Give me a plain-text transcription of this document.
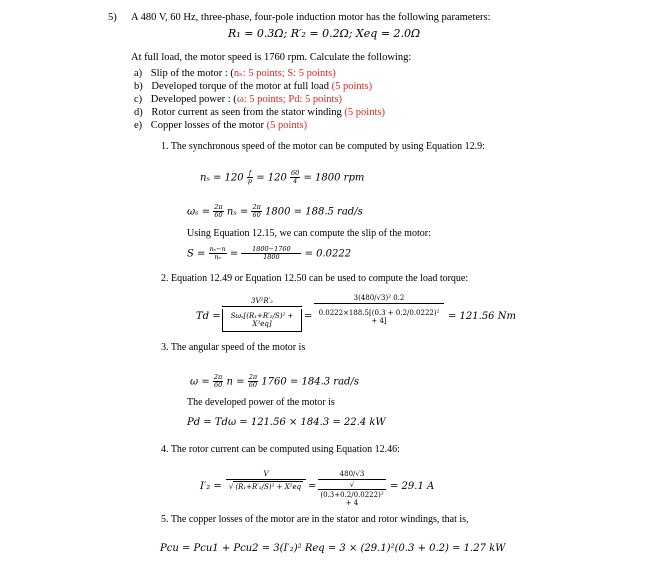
5) A 480 V, 60 Hz, three-phase, four-pole induction motor has the following parameters:
R₁ = 0.3Ω; R′₂ = 0.2Ω; Xeq = 2.0Ω
At full load, the motor speed is 1760 rpm. Calculate the following:
a) Slip of the motor : (nₛ: 5 points; S: 5 points)
b) Developed torque of the motor at full load (5 points)
c) Developed power : (ω: 5 points; Pd: 5 points)
d) Rotor current as seen from the stator winding (5 points)
e) Copper losses of the motor (5 points)
1. The synchronous speed of the motor can be computed by using Equation 12.9:
$n_s = 120 \frac{f}{p} = 120 \frac{60}{4} = 1800$ rpm
$\omega_s = \frac{2\pi}{60}$ $n_s = \frac{2\pi}{60} 1800 = 188.5$ rad/s
Using Equation 12.15, we can compute the slip of the motor:
$S = \frac{\text{nₛ−n}}{\text{nₛ}} = \frac{1800-1760}{1800} = 0.0222$
2. Equation 12.49 or Equation 12.50 can be used to compute the load torque:
Td =
3V²R′₂
Sωₛ[(R₁+R′₂/S)² + X²eq]
= $\frac{\text{3(480/√3)² 0.2}}{\text{0.0222×188.5[(0.3 + 0.2/0.0222)² + 4]}} = 121.56$ Nm
3. The angular speed of the motor is
$\omega = \frac{2\pi}{60}$ $n = \frac{2\pi}{60} 1760 = 184.3$ rad/s
The developed power of the motor is
Pd = Tdω = 121.56 × 184.3 = 22.4 kW
4. The rotor current can be computed using Equation 12.46:
$I'_2 = \frac{V}{\text{√ (R₁+R′₂/S)² + X²eq}} = \frac{480/√3}{\text{√(0.3+0.2/0.0222)² + 4}} = 29.1$ A
5. The copper losses of the motor are in the stator and rotor windings, that is,
Pcu = Pcu1 + Pcu2 = 3(I′₂)² Req = 3 × (29.1)²(0.3 + 0.2) = 1.27 kW
